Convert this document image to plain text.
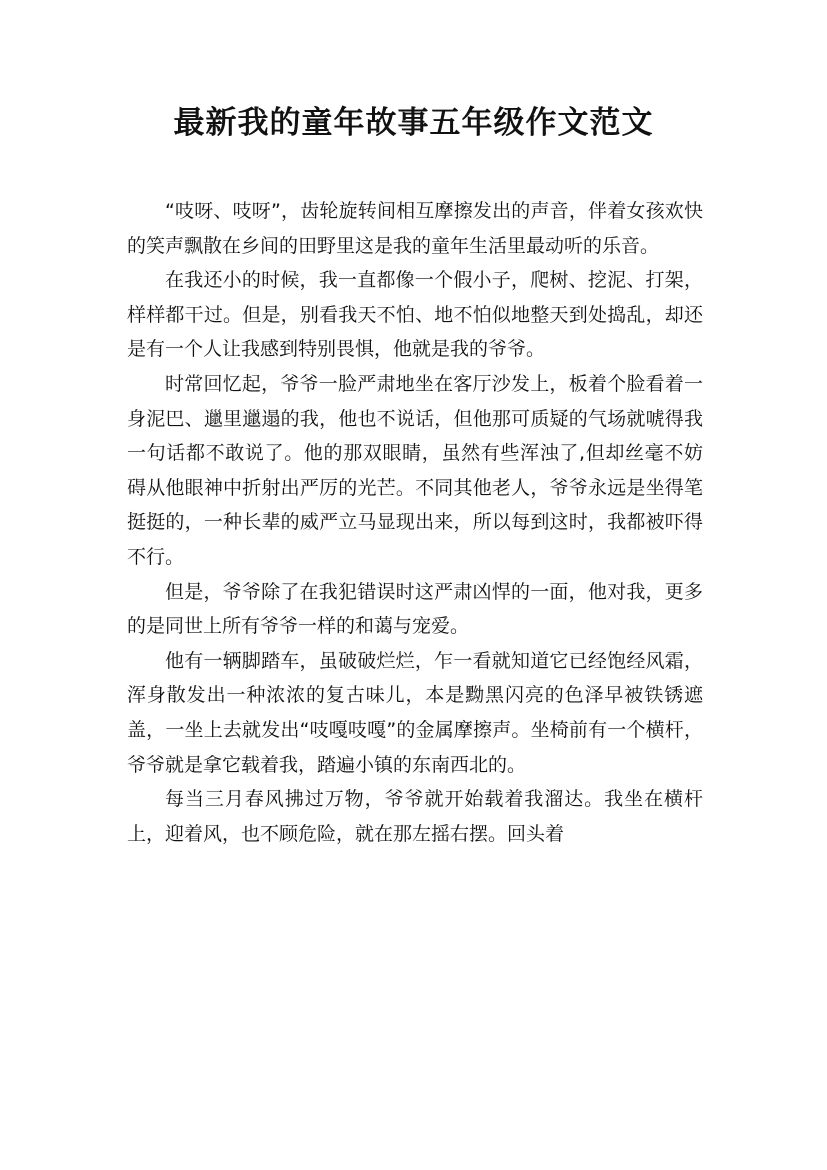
最新我的童年故事五年级作文范文

“吱呀、吱呀”，齿轮旋转间相互摩擦发出的声音，伴着女孩欢快的笑声飘散在乡间的田野里这是我的童年生活里最动听的乐音。

在我还小的时候，我一直都像一个假小子，爬树、挖泥、打架，样样都干过。但是，别看我天不怕、地不怕似地整天到处捣乱，却还是有一个人让我感到特别畏惧，他就是我的爷爷。

时常回忆起，爷爷一脸严肃地坐在客厅沙发上，板着个脸看着一身泥巴、邋里邋遢的我，他也不说话，但他那可质疑的气场就唬得我一句话都不敢说了。他的那双眼睛，虽然有些浑浊了,但却丝毫不妨碍从他眼神中折射出严厉的光芒。不同其他老人，爷爷永远是坐得笔挺挺的，一种长辈的威严立马显现出来，所以每到这时，我都被吓得不行。

但是，爷爷除了在我犯错误时这严肃凶悍的一面，他对我，更多的是同世上所有爷爷一样的和蔼与宠爱。

他有一辆脚踏车，虽破破烂烂，乍一看就知道它已经饱经风霜，浑身散发出一种浓浓的复古味儿，本是黝黑闪亮的色泽早被铁锈遮盖，一坐上去就发出“吱嘎吱嘎”的金属摩擦声。坐椅前有一个横杆，爷爷就是拿它载着我，踏遍小镇的东南西北的。

每当三月春风拂过万物，爷爷就开始载着我溜达。我坐在横杆上，迎着风，也不顾危险，就在那左摇右摆。回头着
